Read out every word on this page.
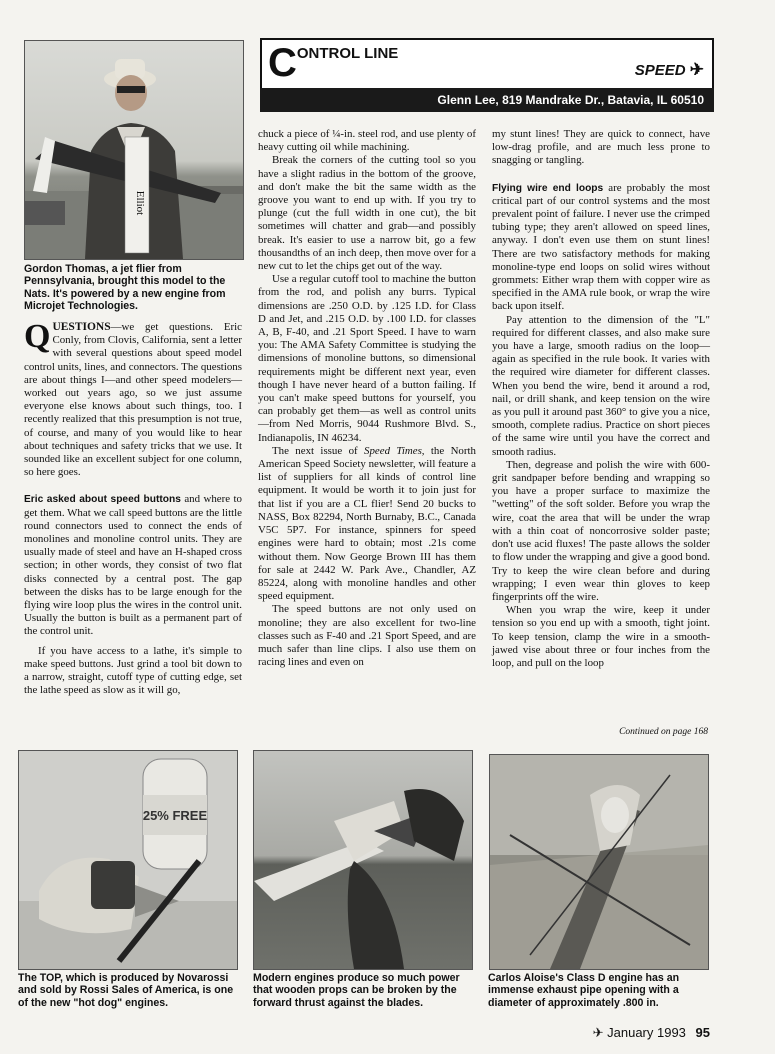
Elliot
Gordon Thomas, a jet flier from Pennsylvania, brought this model to the Nats. It's powered by a new engine from Microjet Technologies.
CONTROL LINE
SPEED ✈
Glenn Lee, 819 Mandrake Dr., Batavia, IL 60510

QUESTIONS—we get questions. Eric Conly, from Clovis, California, sent a letter with several questions about speed model control units, lines, and connectors. The questions are about things I—and other speed modelers—worked out years ago, so we just assume everyone else knows about such things, too. I recently realized that this presumption is not true, of course, and many of you would like to hear about techniques and safety tricks that we use. It sounded like an excellent subject for one column, so here goes.

Eric asked about speed buttons and where to get them. What we call speed buttons are the little round connectors used to connect the ends of monolines and monoline control units. They are usually made of steel and have an H-shaped cross section; in other words, they consist of two flat disks connected by a central post. The gap between the disks has to be large enough for the flying wire loop plus the wires in the control unit. Usually the button is built as a permanent part of the control unit.

If you have access to a lathe, it's simple to make speed buttons. Just grind a tool bit down to a narrow, straight, cutoff type of cutting edge, set the lathe speed as slow as it will go,

chuck a piece of ¼-in. steel rod, and use plenty of heavy cutting oil while machining.

Break the corners of the cutting tool so you have a slight radius in the bottom of the groove, and don't make the bit the same width as the groove you want to end up with. If you try to plunge (cut the full width in one cut), the bit sometimes will chatter and grab—and possibly break. It's easier to use a narrow bit, go a few thousandths of an inch deep, then move over for a new cut to let the chips get out of the way.

Use a regular cutoff tool to machine the button from the rod, and polish any burrs. Typical dimensions are .250 O.D. by .125 I.D. for Class D and Jet, and .215 O.D. by .100 I.D. for classes A, B, F-40, and .21 Sport Speed. I have to warn you: The AMA Safety Committee is studying the dimensions of monoline buttons, so dimensional requirements might be different next year, even though I have never heard of a button failing. If you can't make speed buttons for yourself, you can probably get them—as well as control units—from Ned Morris, 9044 Rushmore Blvd. S., Indianapolis, IN 46234.

The next issue of Speed Times, the North American Speed Society newsletter, will feature a list of suppliers for all kinds of control line equipment. It would be worth it to join just for that list if you are a CL flier! Send 20 bucks to NASS, Box 82294, North Burnaby, B.C., Canada V5C 5P7. For instance, spinners for speed engines were hard to obtain; most .21s come without them. Now George Brown III has them for sale at 2442 W. Park Ave., Chandler, AZ 85224, along with monoline handles and other speed equipment.

The speed buttons are not only used on monoline; they are also excellent for two-line classes such as F-40 and .21 Sport Speed, and are much safer than line clips. I also use them on racing lines and even on

my stunt lines! They are quick to connect, have low-drag profile, and are much less prone to snagging or tangling.

Flying wire end loops are probably the most critical part of our control systems and the most prevalent point of failure. I never use the crimped tubing type; they aren't allowed on speed lines, anyway. I don't even use them on stunt lines! There are two satisfactory methods for making monoline-type end loops on solid wires without grommets: Either wrap them with copper wire as specified in the AMA rule book, or wrap the wire back upon itself.

Pay attention to the dimension of the "L" required for different classes, and also make sure you have a large, smooth radius on the loop—again as specified in the rule book. It varies with the required wire diameter for different classes. When you bend the wire, bend it around a rod, nail, or drill shank, and keep tension on the wire as you pull it around past 360° to give you a nice, smooth, complete radius. Practice on short pieces of the same wire until you have the correct and smooth radius.

Then, degrease and polish the wire with 600-grit sandpaper before bending and wrapping so you have a proper surface to maximize the "wetting" of the soft solder. Before you wrap the wire, coat the area that will be under the wrap with a thin coat of noncorrosive solder paste; don't use acid fluxes! The paste allows the solder to flow under the wrapping and give a good bond. Try to keep the wire clean before and during wrapping; I even wear thin gloves to keep fingerprints off the wire.

When you wrap the wire, keep it under tension so you end up with a smooth, tight joint. To keep tension, clamp the wire in a smooth-jawed vise about three or four inches from the loop, and pull on the loop

Continued on page 168
25% FREE
The TOP, which is produced by Novarossi and sold by Rossi Sales of America, is one of the new "hot dog" engines.
Modern engines produce so much power that wooden props can be broken by the forward thrust against the blades.
Carlos Aloise's Class D engine has an immense exhaust pipe opening with a diameter of approximately .800 in.
✈ January 1993 95
